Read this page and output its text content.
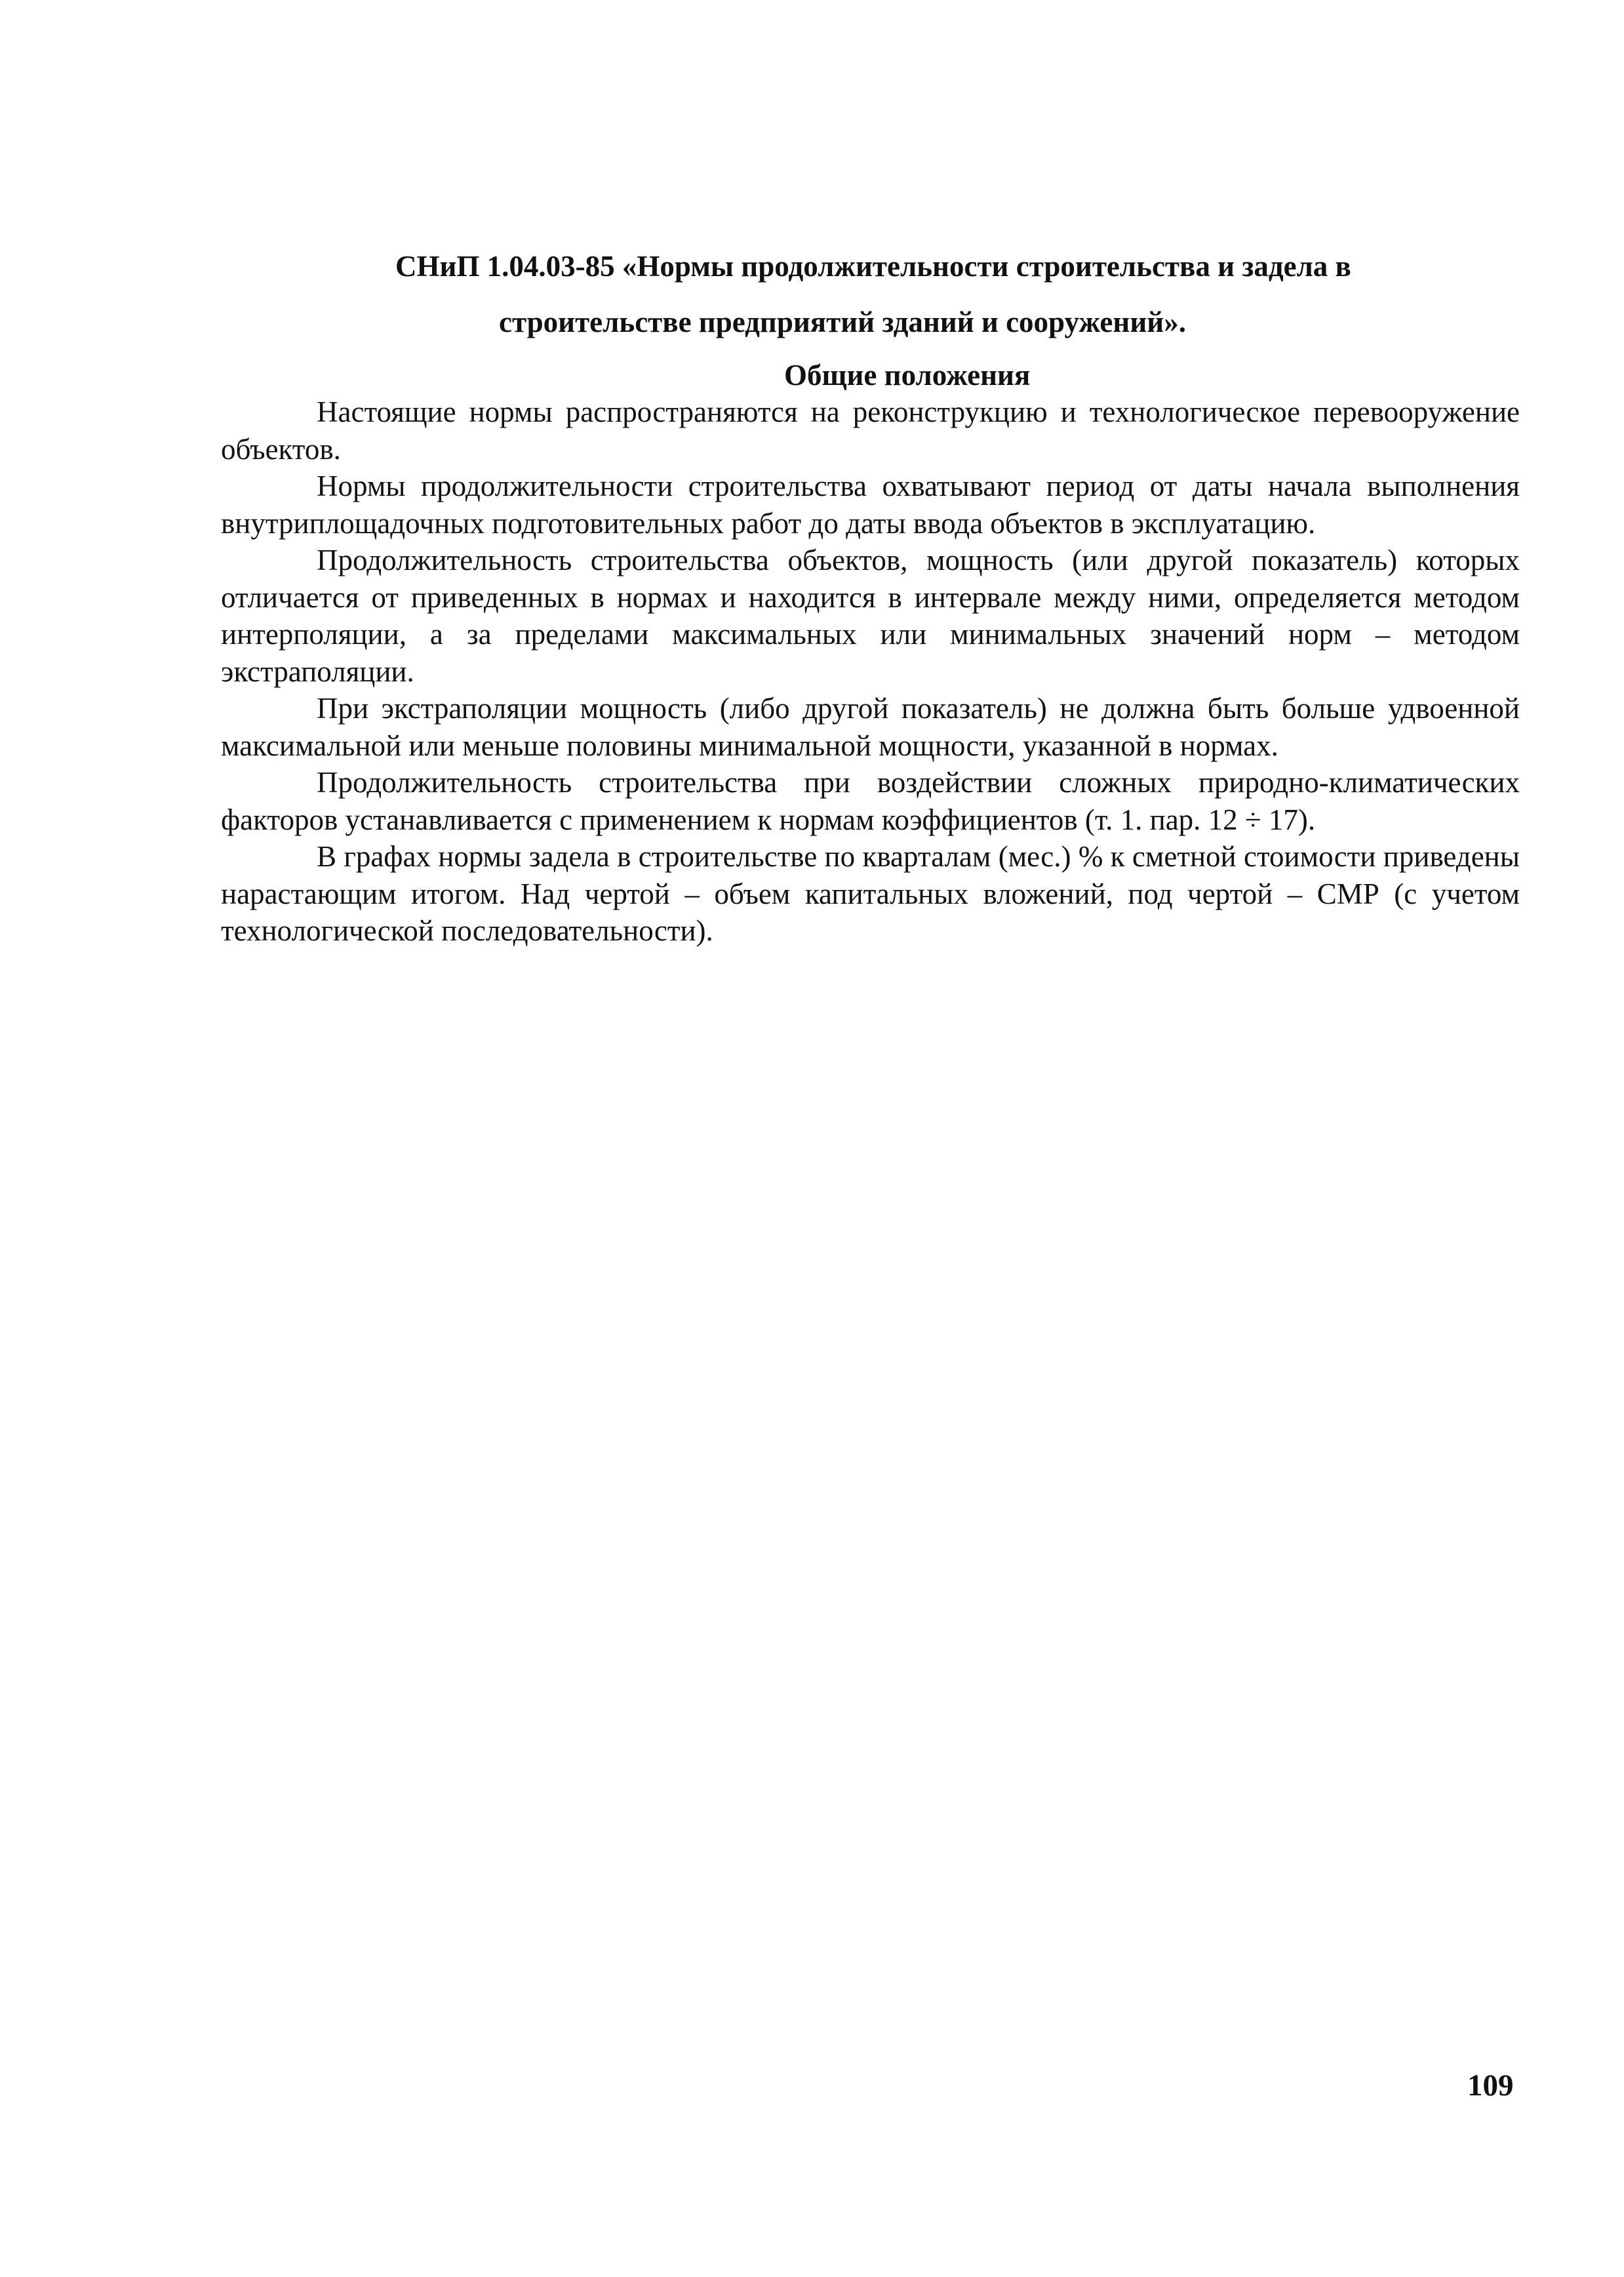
СНиП 1.04.03-85 «Нормы продолжительности строительства и задела в
строительстве предприятий зданий и сооружений».
Общие положения

Настоящие нормы распространяются на реконструкцию и технологическое перевооружение объектов.

Нормы продолжительности строительства охватывают период от даты начала выполнения внутриплощадочных подготовительных работ до даты ввода объектов в эксплуатацию.

Продолжительность строительства объектов, мощность (или другой показатель) которых отличается от приведенных в нормах и находится в интервале между ними, определяется методом интерполяции, а за пределами максимальных или минимальных значений норм – методом экстраполяции.

При экстраполяции мощность (либо другой показатель) не должна быть больше удвоенной максимальной или меньше половины минимальной мощности, указанной в нормах.

Продолжительность строительства при воздействии сложных природно-климатических факторов устанавливается с применением к нормам коэффициентов (т. 1. пар. 12 ÷ 17).

В графах нормы задела в строительстве по кварталам (мес.) % к сметной стоимости приведены нарастающим итогом. Над чертой – объем капитальных вложений, под чертой – СМР (с учетом технологической последовательности).

109
